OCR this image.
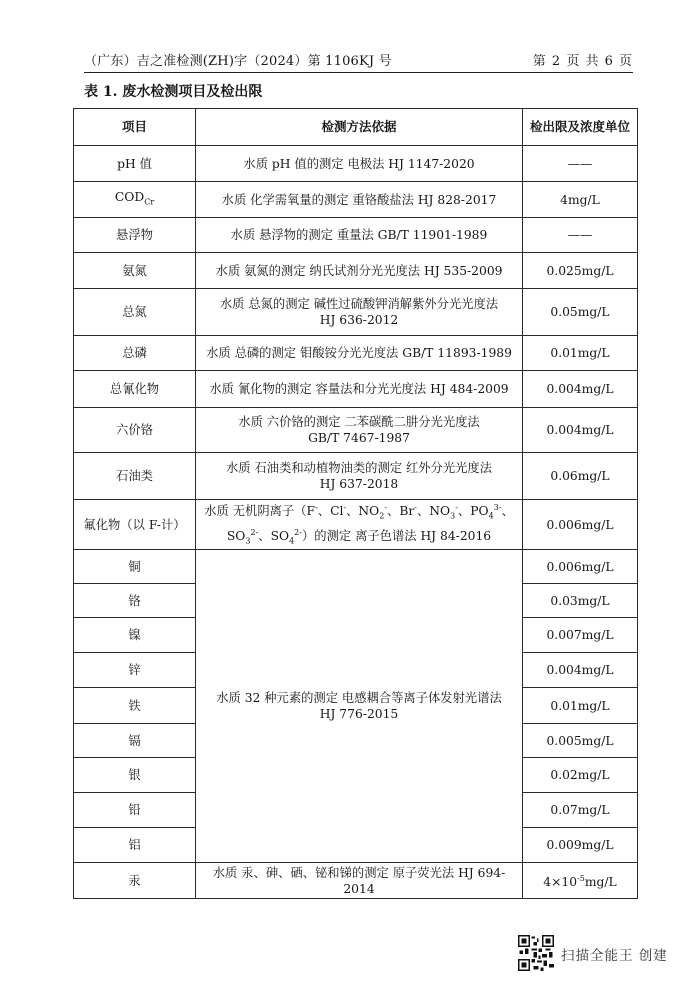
（广东）吉之准检测(ZH)字（2024）第 1106KJ 号	第 2 页 共 6 页
表 1. 废水检测项目及检出限
项目	检测方法依据	检出限及浓度单位
pH 值	水质 pH 值的测定 电极法 HJ 1147-2020	——
$COD_{Cr}$	水质 化学需氧量的测定 重铬酸盐法 HJ 828-2017	4mg/L
悬浮物	水质 悬浮物的测定 重量法 GB/T 11901-1989	——
氨氮	水质 氨氮的测定 纳氏试剂分光光度法 HJ 535-2009	0.025mg/L
总氮	水质 总氮的测定 碱性过硫酸钾消解紫外分光光度法
HJ 636-2012	0.05mg/L
总磷	水质 总磷的测定 钼酸铵分光光度法 GB/T 11893-1989	0.01mg/L
总氰化物	水质 氰化物的测定 容量法和分光光度法 HJ 484-2009	0.004mg/L
六价铬	水质 六价铬的测定 二苯碳酰二肼分光光度法
GB/T 7467-1987	0.004mg/L
石油类	水质 石油类和动植物油类的测定 红外分光光度法
HJ 637-2018	0.06mg/L
氟化物（以 F-计）	水质 无机阴离子（F-、Cl-、$NO_2^-$、Br-、$NO_3^-$、$PO_4^{3-}$、
$SO_3^{2-}$、$SO_4^{2-}$）的测定 离子色谱法 HJ 84-2016	0.006mg/L
铜	水质 32 种元素的测定 电感耦合等离子体发射光谱法
HJ 776-2015	0.006mg/L
铬		0.03mg/L
镍		0.007mg/L
锌		0.004mg/L
铁		0.01mg/L
镉		0.005mg/L
银		0.02mg/L
铅		0.07mg/L
铝		0.009mg/L
汞	水质 汞、砷、硒、铋和锑的测定 原子荧光法 HJ 694-2014	$4\times 10^{-5}mg/L$
扫描全能王 创建
